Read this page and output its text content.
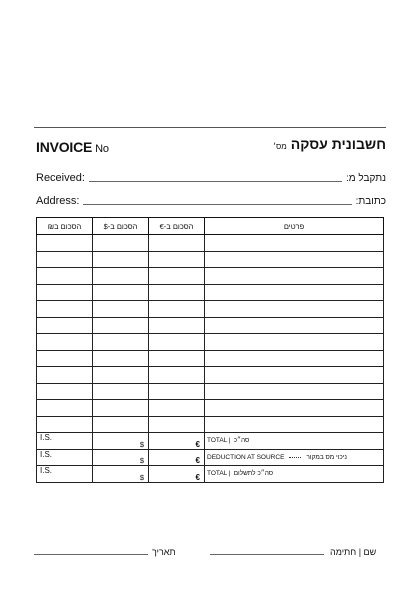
INVOICE No	חשבונית עסקהמס׳
Received:	נתקבל מ:
Address:	כתובת:
הסכום ב₪	הסכום ב-$	הסכום ב-€	פרטים

I.S.	$	€	TOTAL | סה״כ

I.S.	$	€	DEDUCTION AT SOURCE ניכוי מס במקור

I.S.	$	€	TOTAL | סה״כ לתשלום
תאריך	שם | חתימה
